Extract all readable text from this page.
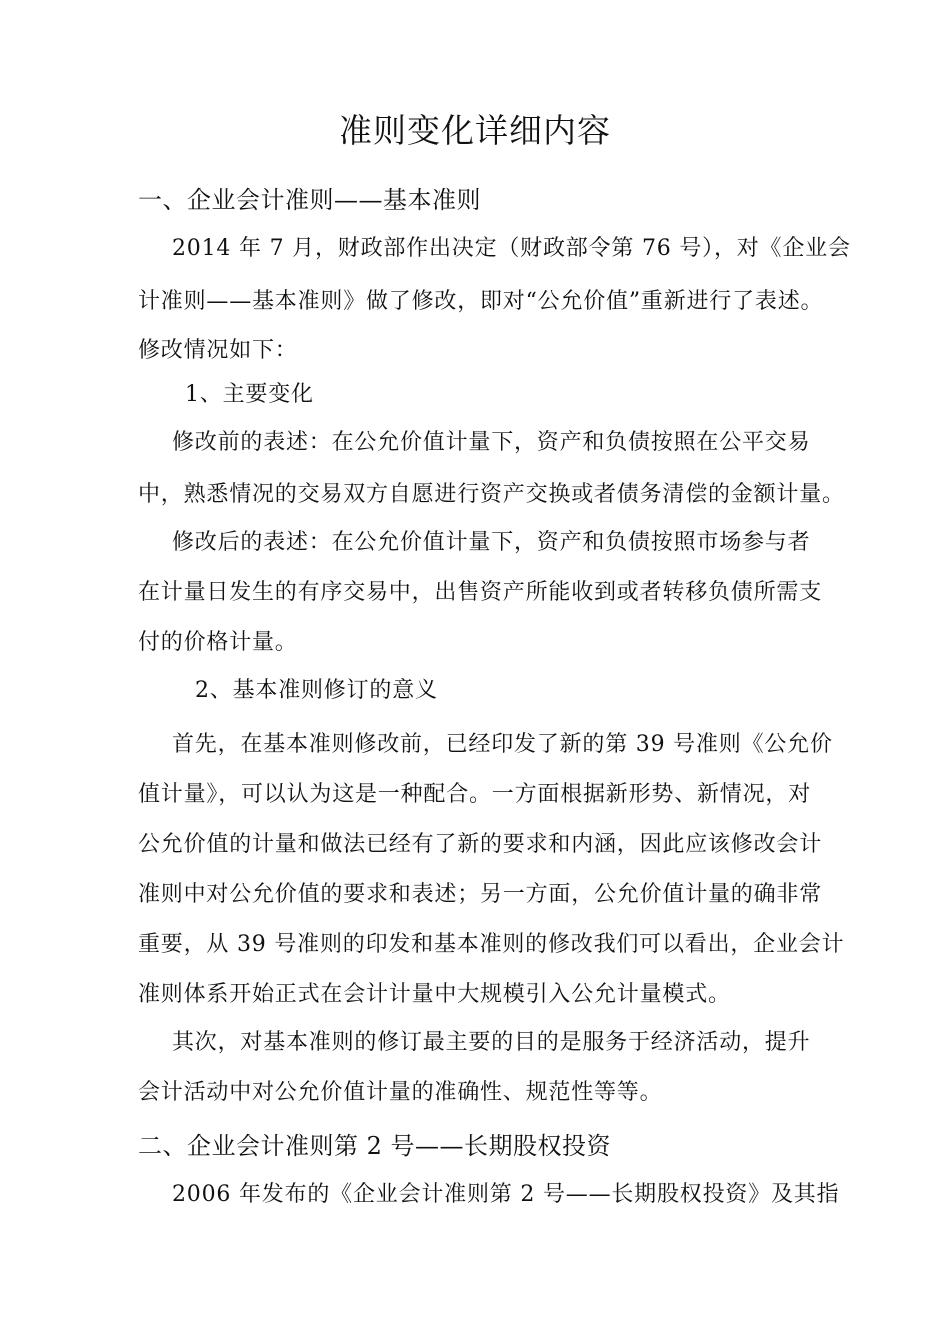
准则变化详细内容
一、企业会计准则——基本准则
2014 年 7 月，财政部作出决定（财政部令第 76 号），对《企业会
计准则——基本准则》做了修改，即对“公允价值”重新进行了表述。
修改情况如下：
1、主要变化
修改前的表述：在公允价值计量下，资产和负债按照在公平交易
中，熟悉情况的交易双方自愿进行资产交换或者债务清偿的金额计量。
修改后的表述：在公允价值计量下，资产和负债按照市场参与者
在计量日发生的有序交易中，出售资产所能收到或者转移负债所需支
付的价格计量。
2、基本准则修订的意义
首先，在基本准则修改前，已经印发了新的第 39 号准则《公允价
值计量》，可以认为这是一种配合。一方面根据新形势、新情况，对
公允价值的计量和做法已经有了新的要求和内涵，因此应该修改会计
准则中对公允价值的要求和表述；另一方面，公允价值计量的确非常
重要，从 39 号准则的印发和基本准则的修改我们可以看出，企业会计
准则体系开始正式在会计计量中大规模引入公允计量模式。
其次，对基本准则的修订最主要的目的是服务于经济活动，提升
会计活动中对公允价值计量的准确性、规范性等等。
二、企业会计准则第 2 号——长期股权投资
2006 年发布的《企业会计准则第 2 号——长期股权投资》及其指
